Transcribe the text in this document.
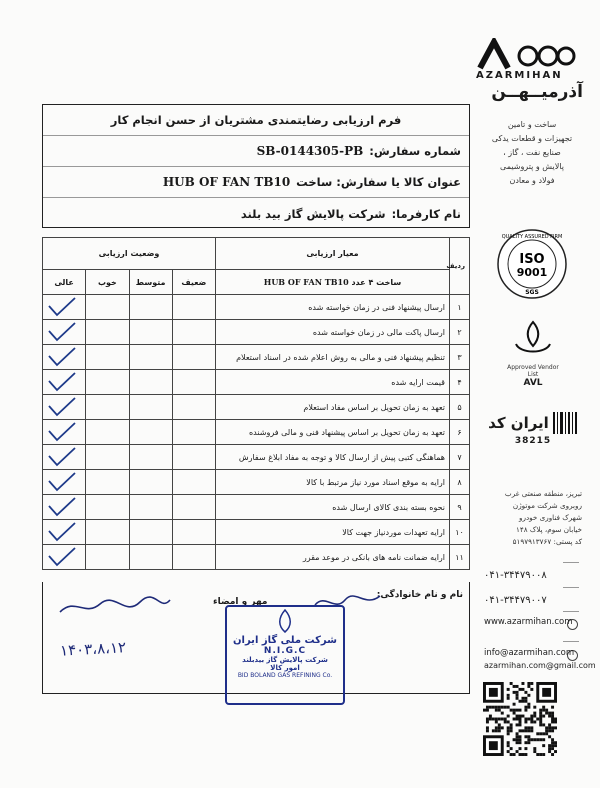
فرم ارزیابی رضایتمندی مشتریان از حسن انجام کار
شماره سفارش:
SB-0144305-PB
عنوان کالا یا سفارش: ساخت
HUB OF FAN TB10
نام کارفرما:
شرکت پالایش گاز بید بلند
ردیف	معیار ارزیابی	وضعیت ارزیابی			
	ساخت ۴ عدد HUB OF FAN TB10	ضعیف	متوسط	خوب	عالی
۱	ارسال پیشنهاد فنی در زمان خواسته شده				

۲	ارسال پاکت مالی در زمان خواسته شده				

۳	تنظیم پیشنهاد فنی و مالی به روش اعلام شده در اسناد استعلام				

۴	قیمت ارایه شده				

۵	تعهد به زمان تحویل بر اساس مفاد استعلام				

۶	تعهد به زمان تحویل بر اساس پیشنهاد فنی و مالی فروشنده				

۷	هماهنگی کتبی پیش از ارسال کالا و توجه به مفاد ابلاغ سفارش				

۸	ارایه به موقع اسناد مورد نیاز مرتبط با کالا				

۹	نحوه بسته بندی کالای ارسال شده				

۱۰	ارایه تعهدات موردنیاز جهت کالا				

۱۱	ارایه ضمانت نامه های بانکی در موعد مقرر				
نام و نام خانوادگی:
مهر و امضاء
۱۴۰۳،۸،۱۲	شرکت ملی گاز ایران
N.I.G.C
شرکت پالایش گاز بیدبلند
امور کالا
BID BOLAND GAS REFINING Co.
AZARMIHAN
آذرمیــهــن
ساخت و تامین
تجهیزات و قطعات یدکی
صنایع نفت ، گاز ،
پالایش و پتروشیمی
فولاد و معادن
QUALITY ASSURED FIRM
ISO
9001
SGS
Approved Vendor List
AVL
ایران کد
38215
تبریز، منطقه صنعتی غرب
روبروی شرکت موتوژن
شهرک فناوری خودرو
خیابان سوم، پلاک ۱۴۸
کد پستی: ۵۱۹۷۹۱۳۷۶۷
۰۴۱-۳۴۴۷۹۰۰۸
۰۴۱-۳۴۴۷۹۰۰۷
www.azarmihan.com
info@azarmihan.com
azarmihan.com@gmail.com
